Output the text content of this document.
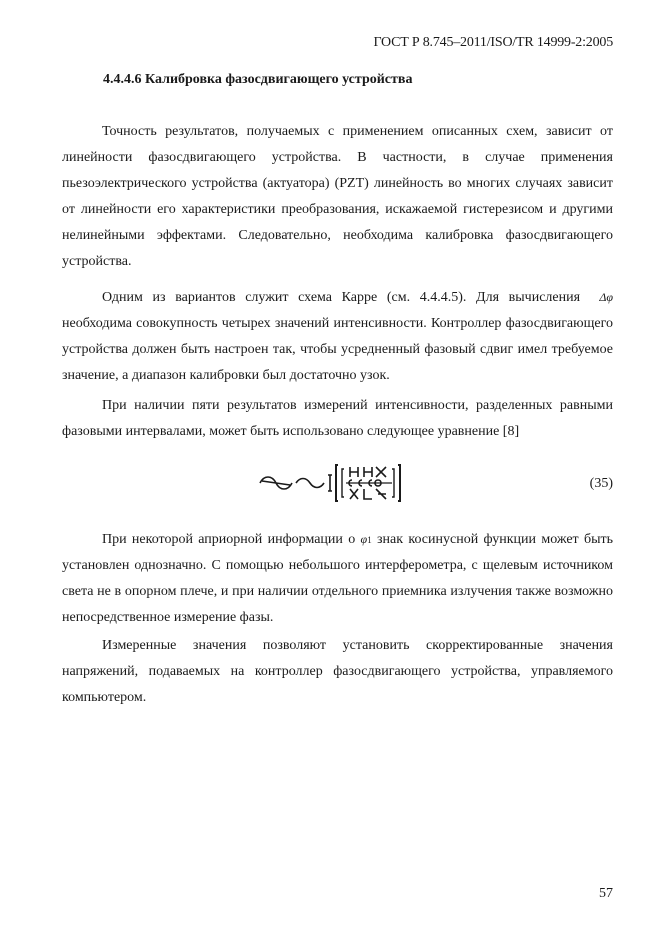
ГОСТ Р 8.745–2011/ISO/TR 14999-2:2005
4.4.4.6 Калибровка фазосдвигающего устройства

Точность результатов, получаемых с применением описанных схем, зависит от линейности фазосдвигающего устройства. В частности, в случае применения пьезоэлектрического устройства (актуатора) (PZT) линейность во многих случаях зависит от линейности его характеристики преобразования, искажаемой гистерезисом и другими нелинейными эффектами. Следовательно, необходима калибровка фазосдвигающего устройства.

Одним из вариантов служит схема Карре (см. 4.4.4.5). Для вычисления Δφ необходима совокупность четырех значений интенсивности. Контроллер фазосдвигающего устройства должен быть настроен так, чтобы усредненный фазовый сдвиг имел требуемое значение, а диапазон калибровки был достаточно узок.

При наличии пяти результатов измерений интенсивности, разделенных равными фазовыми интервалами, может быть использовано следующее уравнение [8]

(35)

При некоторой априорной информации о φ1 знак косинусной функции может быть установлен однозначно. С помощью небольшого интерферометра, с щелевым источником света не в опорном плече, и при наличии отдельного приемника излучения также возможно непосредственное измерение фазы.

Измеренные значения позволяют установить скорректированные значения напряжений, подаваемых на контроллер фазосдвигающего устройства, управляемого компьютером.

57
